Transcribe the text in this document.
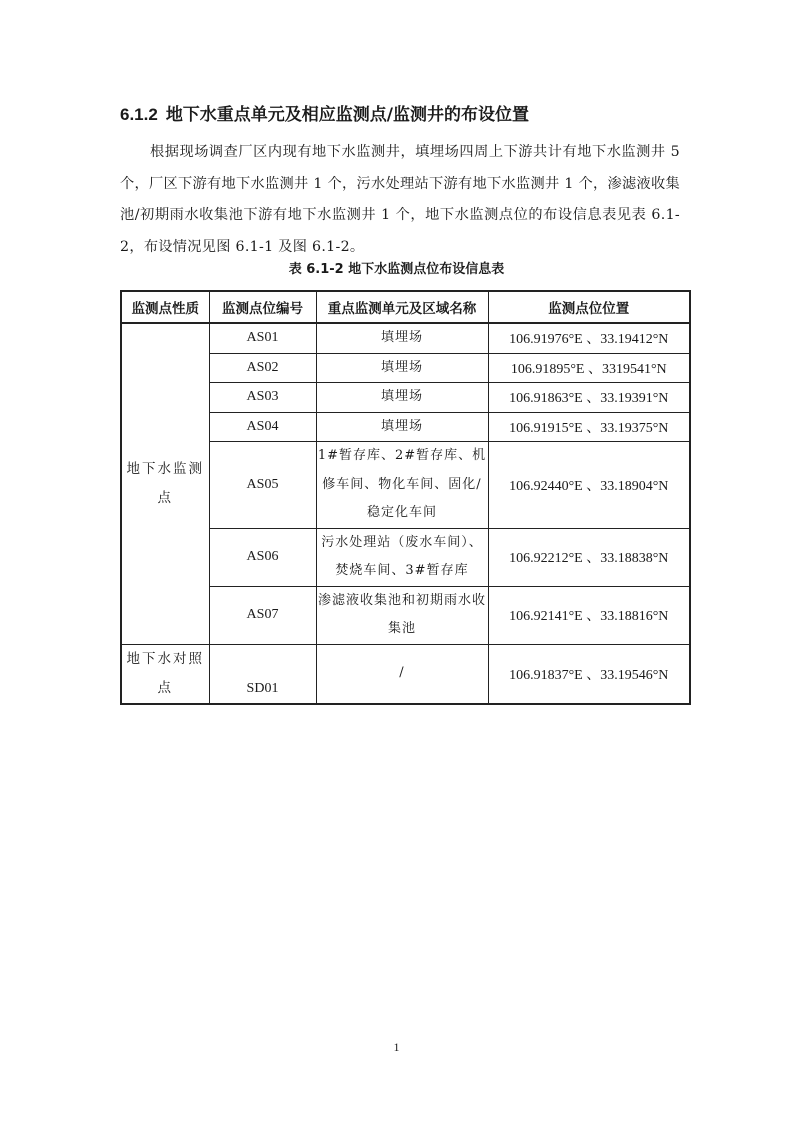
6.1.2 地下水重点单元及相应监测点/监测井的布设位置
根据现场调查厂区内现有地下水监测井，填埋场四周上下游共计有地下水监测井 5 个，厂区下游有地下水监测井 1 个，污水处理站下游有地下水监测井 1 个，渗滤液收集池/初期雨水收集池下游有地下水监测井 1 个，地下水监测点位的布设信息表见表 6.1-2，布设情况见图 6.1-1 及图 6.1-2。
表 6.1-2 地下水监测点位布设信息表
监测点性质	监测点位编号	重点监测单元及区域名称	监测点位位置
地下水监测点	AS01	填埋场	106.91976°E 、33.19412°N
	AS02	填埋场	106.91895°E 、3319541°N
	AS03	填埋场	106.91863°E 、33.19391°N
	AS04	填埋场	106.91915°E 、33.19375°N
	AS05	1#暂存库、2#暂存库、机修车间、物化车间、固化/稳定化车间	106.92440°E 、33.18904°N
	AS06	污水处理站（废水车间）、焚烧车间、3#暂存库	106.92212°E 、33.18838°N
	AS07	渗滤液收集池和初期雨水收集池	106.92141°E 、33.18816°N
地下水对照点	SD01	/	106.91837°E 、33.19546°N
1
